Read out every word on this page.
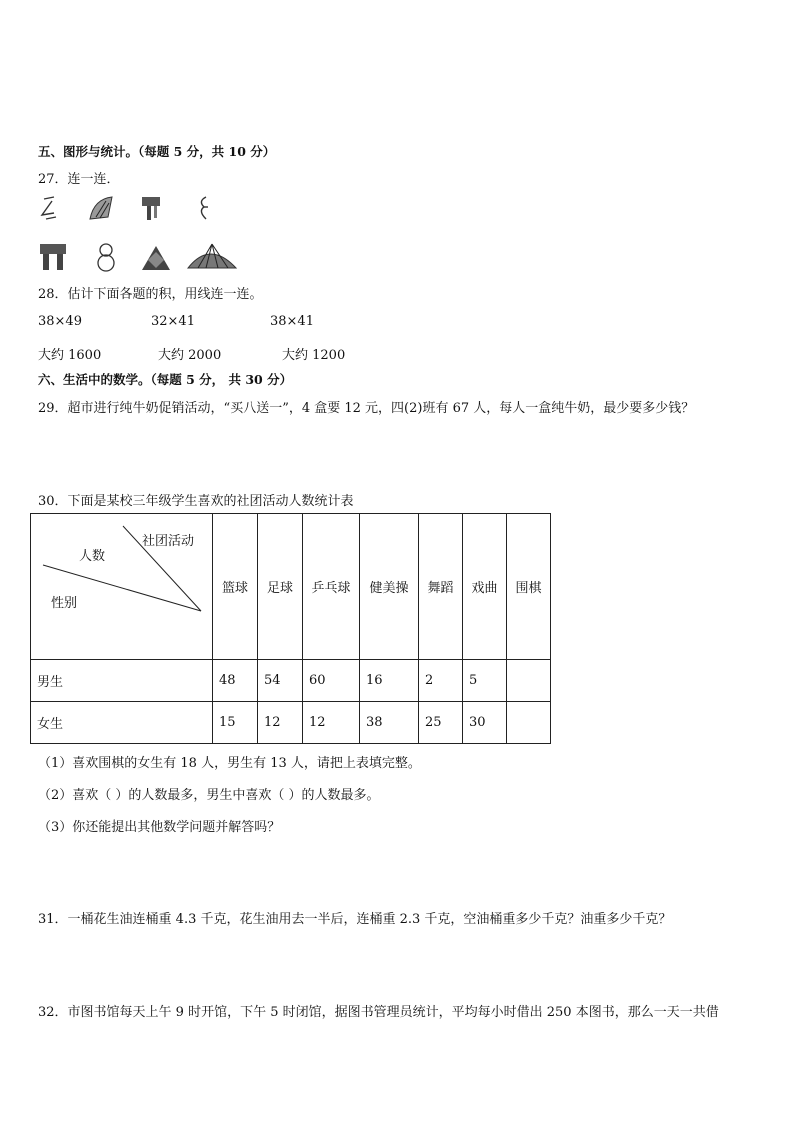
五、图形与统计。（每题 5 分，共 10 分）
27．连一连．
28．估计下面各题的积，用线连一连。
38×49	32×41	38×41
大约 1600	大约 2000	大约 1200
六、生活中的数学。（每题 5 分， 共 30 分）
29．超市进行纯牛奶促销活动，“买八送一”，4 盒要 12 元，四(2)班有 67 人，每人一盒纯牛奶，最少要多少钱？
30．下面是某校三年级学生喜欢的社团活动人数统计表
社团活动
人数
性别	篮球	足球	乒乓球	健美操	舞蹈	戏曲	围棋
男生	48	54	60	16	2	5	
女生	15	12	12	38	25	30	
（1）喜欢围棋的女生有 18 人，男生有 13 人，请把上表填完整。
（2）喜欢（ ）的人数最多，男生中喜欢（ ）的人数最多。
（3）你还能提出其他数学问题并解答吗？
31．一桶花生油连桶重 4.3 千克，花生油用去一半后，连桶重 2.3 千克，空油桶重多少千克？油重多少千克？
32．市图书馆每天上午 9 时开馆，下午 5 时闭馆，据图书管理员统计，平均每小时借出 250 本图书，那么一天一共借
